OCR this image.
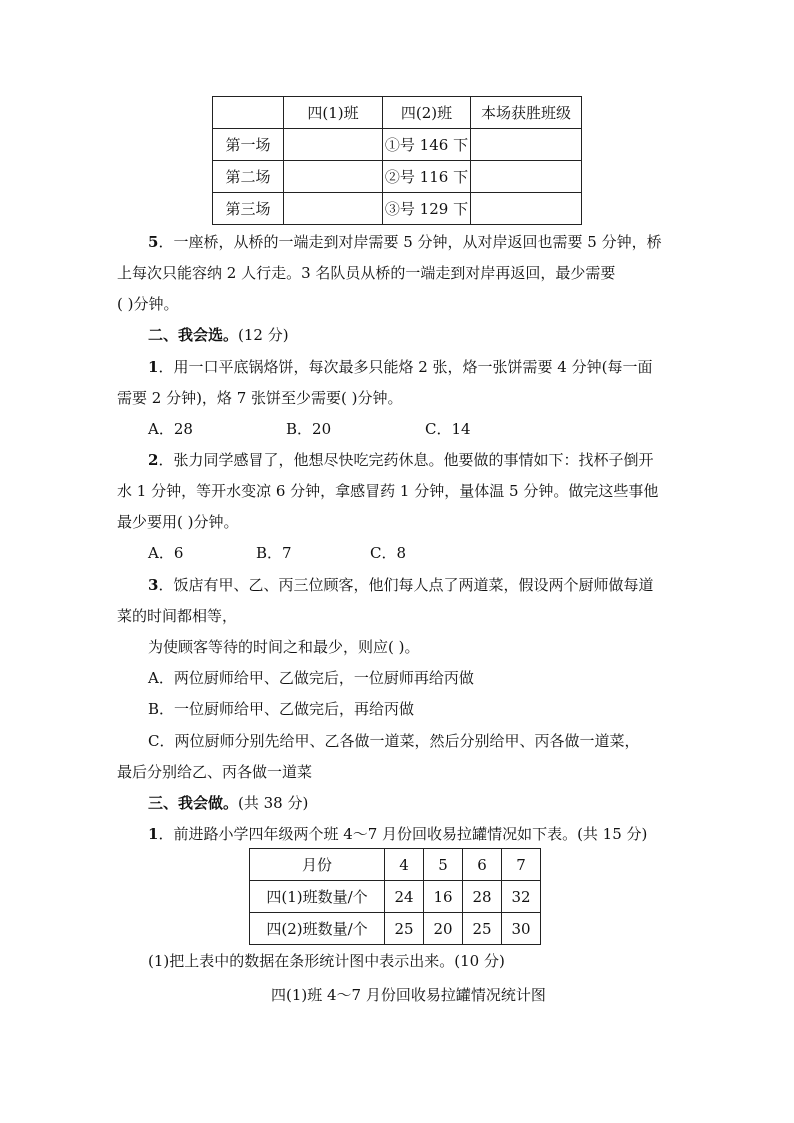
	四(1)班	四(2)班	本场获胜班级
第一场		①号 146 下	
第二场		②号 116 下	
第三场		③号 129 下	
5．一座桥，从桥的一端走到对岸需要 5 分钟，从对岸返回也需要 5 分钟，桥
上每次只能容纳 2 人行走。3 名队员从桥的一端走到对岸再返回，最少需要
( )分钟。
二、我会选。(12 分)
1．用一口平底锅烙饼，每次最多只能烙 2 张，烙一张饼需要 4 分钟(每一面
需要 2 分钟)，烙 7 张饼至少需要( )分钟。
A．28	B．20	C．14
2．张力同学感冒了，他想尽快吃完药休息。他要做的事情如下：找杯子倒开
水 1 分钟，等开水变凉 6 分钟，拿感冒药 1 分钟，量体温 5 分钟。做完这些事他
最少要用( )分钟。
A．6	B．7	C．8
3．饭店有甲、乙、丙三位顾客，他们每人点了两道菜，假设两个厨师做每道
菜的时间都相等，
为使顾客等待的时间之和最少，则应( )。
A．两位厨师给甲、乙做完后，一位厨师再给丙做
B．一位厨师给甲、乙做完后，再给丙做
C．两位厨师分别先给甲、乙各做一道菜，然后分别给甲、丙各做一道菜，
最后分别给乙、丙各做一道菜
三、我会做。(共 38 分)
1．前进路小学四年级两个班 4～7 月份回收易拉罐情况如下表。(共 15 分)
月份	4	5	6	7
四(1)班数量/个	24	16	28	32
四(2)班数量/个	25	20	25	30
(1)把上表中的数据在条形统计图中表示出来。(10 分)
四(1)班 4～7 月份回收易拉罐情况统计图
